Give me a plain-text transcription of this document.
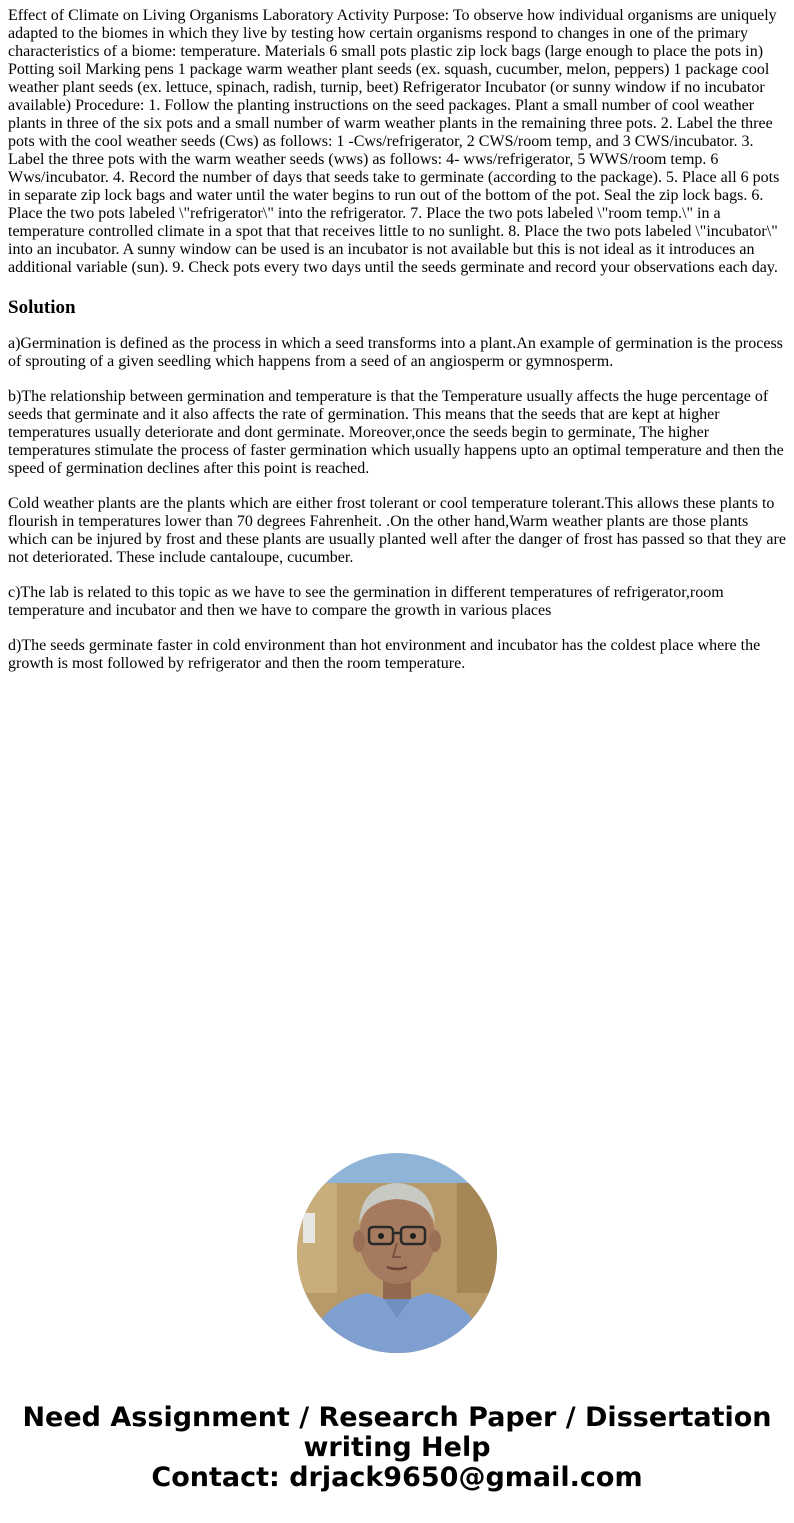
Effect of Climate on Living Organisms Laboratory Activity Purpose: To observe how individual organisms are uniquely adapted to the biomes in which they live by testing how certain organisms respond to changes in one of the primary characteristics of a biome: temperature. Materials 6 small pots plastic zip lock bags (large enough to place the pots in) Potting soil Marking pens 1 package warm weather plant seeds (ex. squash, cucumber, melon, peppers) 1 package cool weather plant seeds (ex. lettuce, spinach, radish, turnip, beet) Refrigerator Incubator (or sunny window if no incubator available) Procedure: 1. Follow the planting instructions on the seed packages. Plant a small number of cool weather plants in three of the six pots and a small number of warm weather plants in the remaining three pots. 2. Label the three pots with the cool weather seeds (Cws) as follows: 1 -Cws/refrigerator, 2 CWS/room temp, and 3 CWS/incubator. 3. Label the three pots with the warm weather seeds (wws) as follows: 4- wws/refrigerator, 5 WWS/room temp. 6 Wws/incubator. 4. Record the number of days that seeds take to germinate (according to the package). 5. Place all 6 pots in separate zip lock bags and water until the water begins to run out of the bottom of the pot. Seal the zip lock bags. 6. Place the two pots labeled \"refrigerator\" into the refrigerator. 7. Place the two pots labeled \"room temp.\" in a temperature controlled climate in a spot that that receives little to no sunlight. 8. Place the two pots labeled \"incubator\" into an incubator. A sunny window can be used is an incubator is not available but this is not ideal as it introduces an additional variable (sun). 9. Check pots every two days until the seeds germinate and record your observations each day.

Solution

a)Germination is defined as the process in which a seed transforms into a plant.An example of germination is the process of sprouting of a given seedling which happens from a seed of an angiosperm or gymnosperm.

b)The relationship between germination and temperature is that the Temperature usually affects the huge percentage of seeds that germinate and it also affects the rate of germination. This means that the seeds that are kept at higher temperatures usually deteriorate and dont germinate. Moreover,once the seeds begin to germinate, The higher temperatures stimulate the process of faster germination which usually happens upto an optimal temperature and then the speed of germination declines after this point is reached.

Cold weather plants are the plants which are either frost tolerant or cool temperature tolerant.This allows these plants to flourish in temperatures lower than 70 degrees Fahrenheit. .On the other hand,Warm weather plants are those plants which can be injured by frost and these plants are usually planted well after the danger of frost has passed so that they are not deteriorated. These include cantaloupe, cucumber.

c)The lab is related to this topic as we have to see the germination in different temperatures of refrigerator,room temperature and incubator and then we have to compare the growth in various places

d)The seeds germinate faster in cold environment than hot environment and incubator has the coldest place where the growth is most followed by refrigerator and then the room temperature.

Need Assignment / Research Paper / Dissertation
writing Help
Contact: drjack9650@gmail.com
